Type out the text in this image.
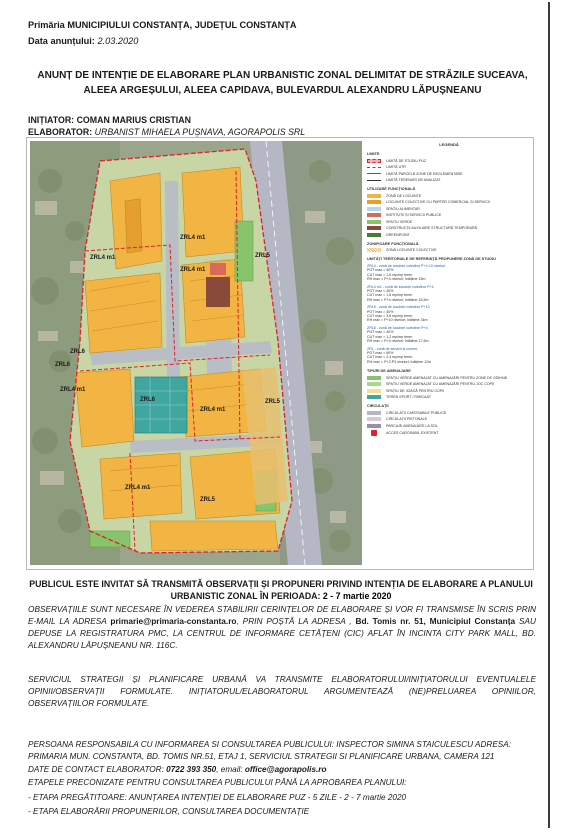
Primăria MUNICIPIULUI CONSTANȚA, JUDEȚUL CONSTANȚA
Data anunțului: 2.03.2020
ANUNȚ DE INTENȚIE DE ELABORARE PLAN URBANISTIC ZONAL DELIMITAT DE STRĂZILE SUCEAVA, ALEEA ARGEȘULUI, ALEEA CAPIDAVA, BULEVARDUL ALEXANDRU LĂPUȘNEANU
INIȚIATOR: COMAN MARIUS CRISTIAN
ELABORATOR: URBANIST MIHAELA PUȘNAVA, AGORAPOLIS SRL
ZRL4 m1
ZRL4 m1
ZRL4 m1
ZRL5
ZRL6
ZRL6
ZRL4 m1
ZRL4 m1
ZRL5
ZRL6
ZRL4 m1
ZRL5
LEGENDĂ
LIMITE
LIMITĂ DE STUDIU PUZ
LIMITĂ UTR
LIMITĂ PARCELĂ ZONE DE REGLEMENTARE
LIMITĂ TERENURI DE ANALIZAT
UTILIZARE FUNCȚIONALĂ
ZONĂ DE LOCUINȚE
LOCUINȚE COLECTIVE CU PARTER COMERCIAL ȘI SERVICII
SPAȚIU ALIMENTAR
INSTITUȚII ȘI SERVICII PUBLICE
SPAȚIU VERDE
CONSTRUCȚII AUXILIARE STRUCTURĂ TEMPORARĂ
GREENPOINT
ZONIFICARE FUNCȚIONALĂ
ZONĂ LOCUINȚE COLECTIVE
UNITĂȚI TERITORIALE DE REFERINȚĂ PROPUNERE ZONĂ DE STUDIU
ZRL4 - zonă de locuințe colective P+4-10 niveluri
POT max = 40%
CUT max = 1,6 mp/mp teren
RH max = P+4 niveluri; înălțime 15m
ZRL4 m1 - zonă de locuințe colective P+4
POT max = 40%
CUT max = 1,6 mp/mp teren
RH max = P+4 niveluri; înălțime 15,5m
ZRL5 - zonă de locuințe colective P+10
POT max = 40%
CUT max = 3,6 mp/mp teren
RH max = P+10 niveluri; înălțime 34m
ZRL6 - zonă de locuințe colective P+4
POT max = 40%
CUT max = 1,2 mp/mp teren
RH max = P+4 niveluri; înălțime 17,5m
ZRL - zonă de servicii și comerț
POT max = 60%
CUT max = 2,4 mp/mp teren
RH max = P+2-P3 niveluri; înălțime 12m
TIPURI DE AMENAJARE
SPAȚIU VERDE AMENAJAT CU AMENAJĂRI PENTRU ZONE DE ODIHNĂ
SPAȚIU VERDE AMENAJAT CU AMENAJĂRI PENTRU JOC COPII
SPAȚIU DE JOACĂ PENTRU COPII
TEREN SPORT / PARCAJE
CIRCULAȚII
CIRCULAȚII CAROSABILE PUBLICE
CIRCULAȚII PIETONALE
PARCAJE AMENAJATE LA SOL
ACCES CAROSABIL EXISTENT
PUBLICUL ESTE INVITAT SĂ TRANSMITĂ OBSERVAȚII ȘI PROPUNERI PRIVIND INTENȚIA DE ELABORARE A PLANULUI URBANISTIC ZONAL ÎN PERIOADA: 2 - 7 martie 2020
OBSERVAȚIILE SUNT NECESARE ÎN VEDEREA STABILIRII CERINȚELOR DE ELABORARE ȘI VOR FI TRANSMISE ÎN SCRIS PRIN E-MAIL LA ADRESA primarie@primaria-constanta.ro, PRIN POȘTĂ LA ADRESA , Bd. Tomis nr. 51, Municipiul Constanța SAU DEPUSE LA REGISTRATURA PMC, LA CENTRUL DE INFORMARE CETĂȚENI (CIC) AFLAT ÎN INCINTA CITY PARK MALL, BD. ALEXANDRU LĂPUȘNEANU NR. 116C.
SERVICIUL STRATEGII ȘI PLANIFICARE URBANĂ VA TRANSMITE ELABORATORULUI/INIȚIATORULUI EVENTUALELE OPINII/OBSERVAȚII FORMULATE. INIȚIATORUL/ELABORATORUL ARGUMENTEAZĂ (NE)PRELUAREA OPINIILOR, OBSERVAȚIILOR FORMULATE.
PERSOANA RESPONSABILA CU INFORMAREA SI CONSULTAREA PUBLICULUI: INSPECTOR SIMINA STAICULESCU ADRESA: PRIMARIA MUN. CONSTANTA, BD. TOMIS NR.51, ETAJ 1, SERVICIUL STRATEGII SI PLANIFICARE URBANA, CAMERA 121
DATE DE CONTACT ELABORATOR: 0722 393 350, email: office@agorapolis.ro
ETAPELE PRECONIZATE PENTRU CONSULTAREA PUBLICULUI PÂNĂ LA APROBAREA PLANULUI:
- ETAPA PREGĂTITOARE: ANUNȚAREA INTENȚIEI DE ELABORARE PUZ - 5 ZILE - 2 - 7 martie 2020
- ETAPA ELABORĂRII PROPUNERILOR, CONSULTAREA DOCUMENTAȚIE
